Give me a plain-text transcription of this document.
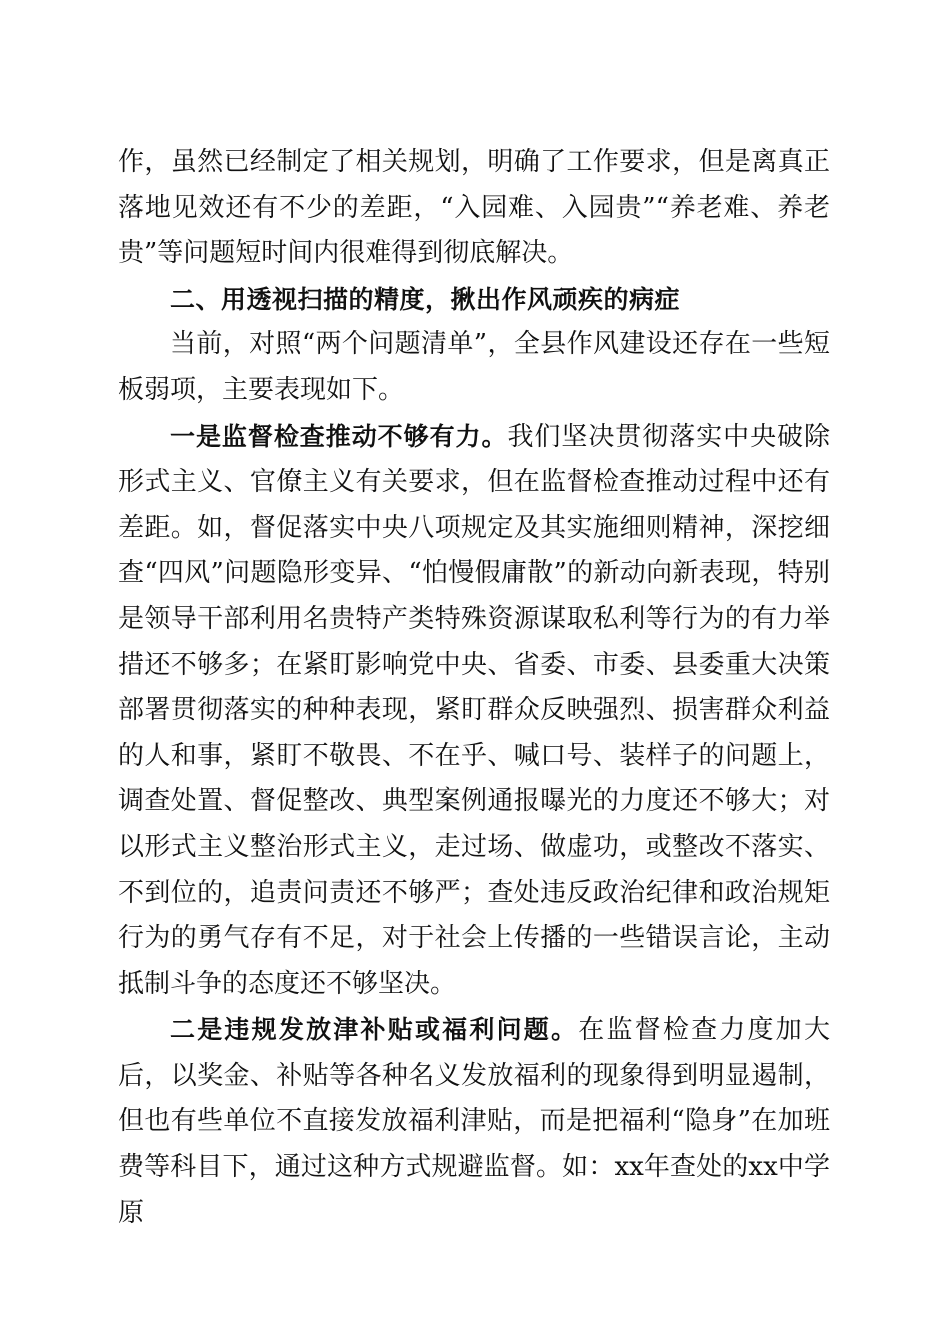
作，虽然已经制定了相关规划，明确了工作要求，但是离真正落地见效还有不少的差距，“入园难、入园贵”“养老难、养老贵”等问题短时间内很难得到彻底解决。

二、用透视扫描的精度，揪出作风顽疾的病症

当前，对照“两个问题清单”，全县作风建设还存在一些短板弱项，主要表现如下。

一是监督检查推动不够有力。我们坚决贯彻落实中央破除形式主义、官僚主义有关要求，但在监督检查推动过程中还有差距。如，督促落实中央八项规定及其实施细则精神，深挖细查“四风”问题隐形变异、“怕慢假庸散”的新动向新表现，特别是领导干部利用名贵特产类特殊资源谋取私利等行为的有力举措还不够多；在紧盯影响党中央、省委、市委、县委重大决策部署贯彻落实的种种表现，紧盯群众反映强烈、损害群众利益的人和事，紧盯不敬畏、不在乎、喊口号、装样子的问题上，调查处置、督促整改、典型案例通报曝光的力度还不够大；对以形式主义整治形式主义，走过场、做虚功，或整改不落实、不到位的，追责问责还不够严；查处违反政治纪律和政治规矩行为的勇气存有不足，对于社会上传播的一些错误言论，主动抵制斗争的态度还不够坚决。

二是违规发放津补贴或福利问题。在监督检查力度加大后，以奖金、补贴等各种名义发放福利的现象得到明显遏制，但也有些单位不直接发放福利津贴，而是把福利“隐身”在加班费等科目下，通过这种方式规避监督。如：xx年查处的xx中学原
